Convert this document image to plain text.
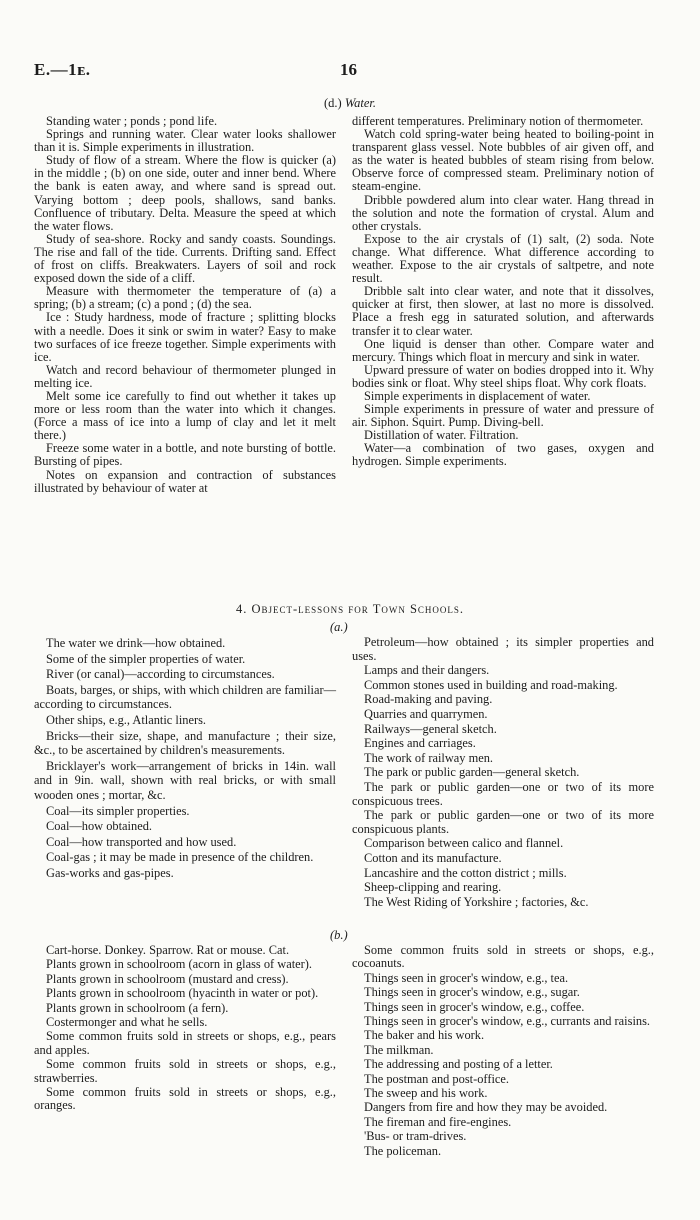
E.—1ᴇ.	16
(d.) Water.

Standing water ; ponds ; pond life.

Springs and running water. Clear water looks shallower than it is. Simple experiments in illustration.

Study of flow of a stream. Where the flow is quicker (a) in the middle ; (b) on one side, outer and inner bend. Where the bank is eaten away, and where sand is spread out. Varying bottom ; deep pools, shallows, sand banks. Confluence of tributary. Delta. Measure the speed at which the water flows.

Study of sea-shore. Rocky and sandy coasts. Soundings. The rise and fall of the tide. Currents. Drifting sand. Effect of frost on cliffs. Breakwaters. Layers of soil and rock exposed down the side of a cliff.

Measure with thermometer the temperature of (a) a spring; (b) a stream; (c) a pond ; (d) the sea.

Ice : Study hardness, mode of fracture ; splitting blocks with a needle. Does it sink or swim in water? Easy to make two surfaces of ice freeze together. Simple experiments with ice.

Watch and record behaviour of thermometer plunged in melting ice.

Melt some ice carefully to find out whether it takes up more or less room than the water into which it changes. (Force a mass of ice into a lump of clay and let it melt there.)

Freeze some water in a bottle, and note bursting of bottle. Bursting of pipes.

Notes on expansion and contraction of substances illustrated by behaviour of water at

different temperatures. Preliminary notion of thermometer.

Watch cold spring-water being heated to boiling-point in transparent glass vessel. Note bubbles of air given off, and as the water is heated bubbles of steam rising from below. Observe force of compressed steam. Preliminary notion of steam-engine.

Dribble powdered alum into clear water. Hang thread in the solution and note the formation of crystal. Alum and other crystals.

Expose to the air crystals of (1) salt, (2) soda. Note change. What difference. What difference according to weather. Expose to the air crystals of saltpetre, and note result.

Dribble salt into clear water, and note that it dissolves, quicker at first, then slower, at last no more is dissolved. Place a fresh egg in saturated solution, and afterwards transfer it to clear water.

One liquid is denser than other. Compare water and mercury. Things which float in mercury and sink in water.

Upward pressure of water on bodies dropped into it. Why bodies sink or float. Why steel ships float. Why cork floats.

Simple experiments in displacement of water.

Simple experiments in pressure of water and pressure of air. Siphon. Squirt. Pump. Diving-bell.

Distillation of water. Filtration.

Water—a combination of two gases, oxygen and hydrogen. Simple experiments.

4. Object-lessons for Town Schools.
(a.)

The water we drink—how obtained.

Some of the simpler properties of water.

River (or canal)—according to circumstances.

Boats, barges, or ships, with which children are familiar—according to circumstances.

Other ships, e.g., Atlantic liners.

Bricks—their size, shape, and manufacture ; their size, &c., to be ascertained by children's measurements.

Bricklayer's work—arrangement of bricks in 14in. wall and in 9in. wall, shown with real bricks, or with small wooden ones ; mortar, &c.

Coal—its simpler properties.

Coal—how obtained.

Coal—how transported and how used.

Coal-gas ; it may be made in presence of the children.

Gas-works and gas-pipes.

Petroleum—how obtained ; its simpler properties and uses.

Lamps and their dangers.

Common stones used in building and road-making.

Road-making and paving.

Quarries and quarrymen.

Railways—general sketch.

Engines and carriages.

The work of railway men.

The park or public garden—general sketch.

The park or public garden—one or two of its more conspicuous trees.

The park or public garden—one or two of its more conspicuous plants.

Comparison between calico and flannel.

Cotton and its manufacture.

Lancashire and the cotton district ; mills.

Sheep-clipping and rearing.

The West Riding of Yorkshire ; factories, &c.

(b.)

Cart-horse. Donkey. Sparrow. Rat or mouse. Cat.

Plants grown in schoolroom (acorn in glass of water).

Plants grown in schoolroom (mustard and cress).

Plants grown in schoolroom (hyacinth in water or pot).

Plants grown in schoolroom (a fern).

Costermonger and what he sells.

Some common fruits sold in streets or shops, e.g., pears and apples.

Some common fruits sold in streets or shops, e.g., strawberries.

Some common fruits sold in streets or shops, e.g., oranges.

Some common fruits sold in streets or shops, e.g., cocoanuts.

Things seen in grocer's window, e.g., tea.

Things seen in grocer's window, e.g., sugar.

Things seen in grocer's window, e.g., coffee.

Things seen in grocer's window, e.g., currants and raisins.

The baker and his work.

The milkman.

The addressing and posting of a letter.

The postman and post-office.

The sweep and his work.

Dangers from fire and how they may be avoided.

The fireman and fire-engines.

'Bus- or tram-drives.

The policeman.
